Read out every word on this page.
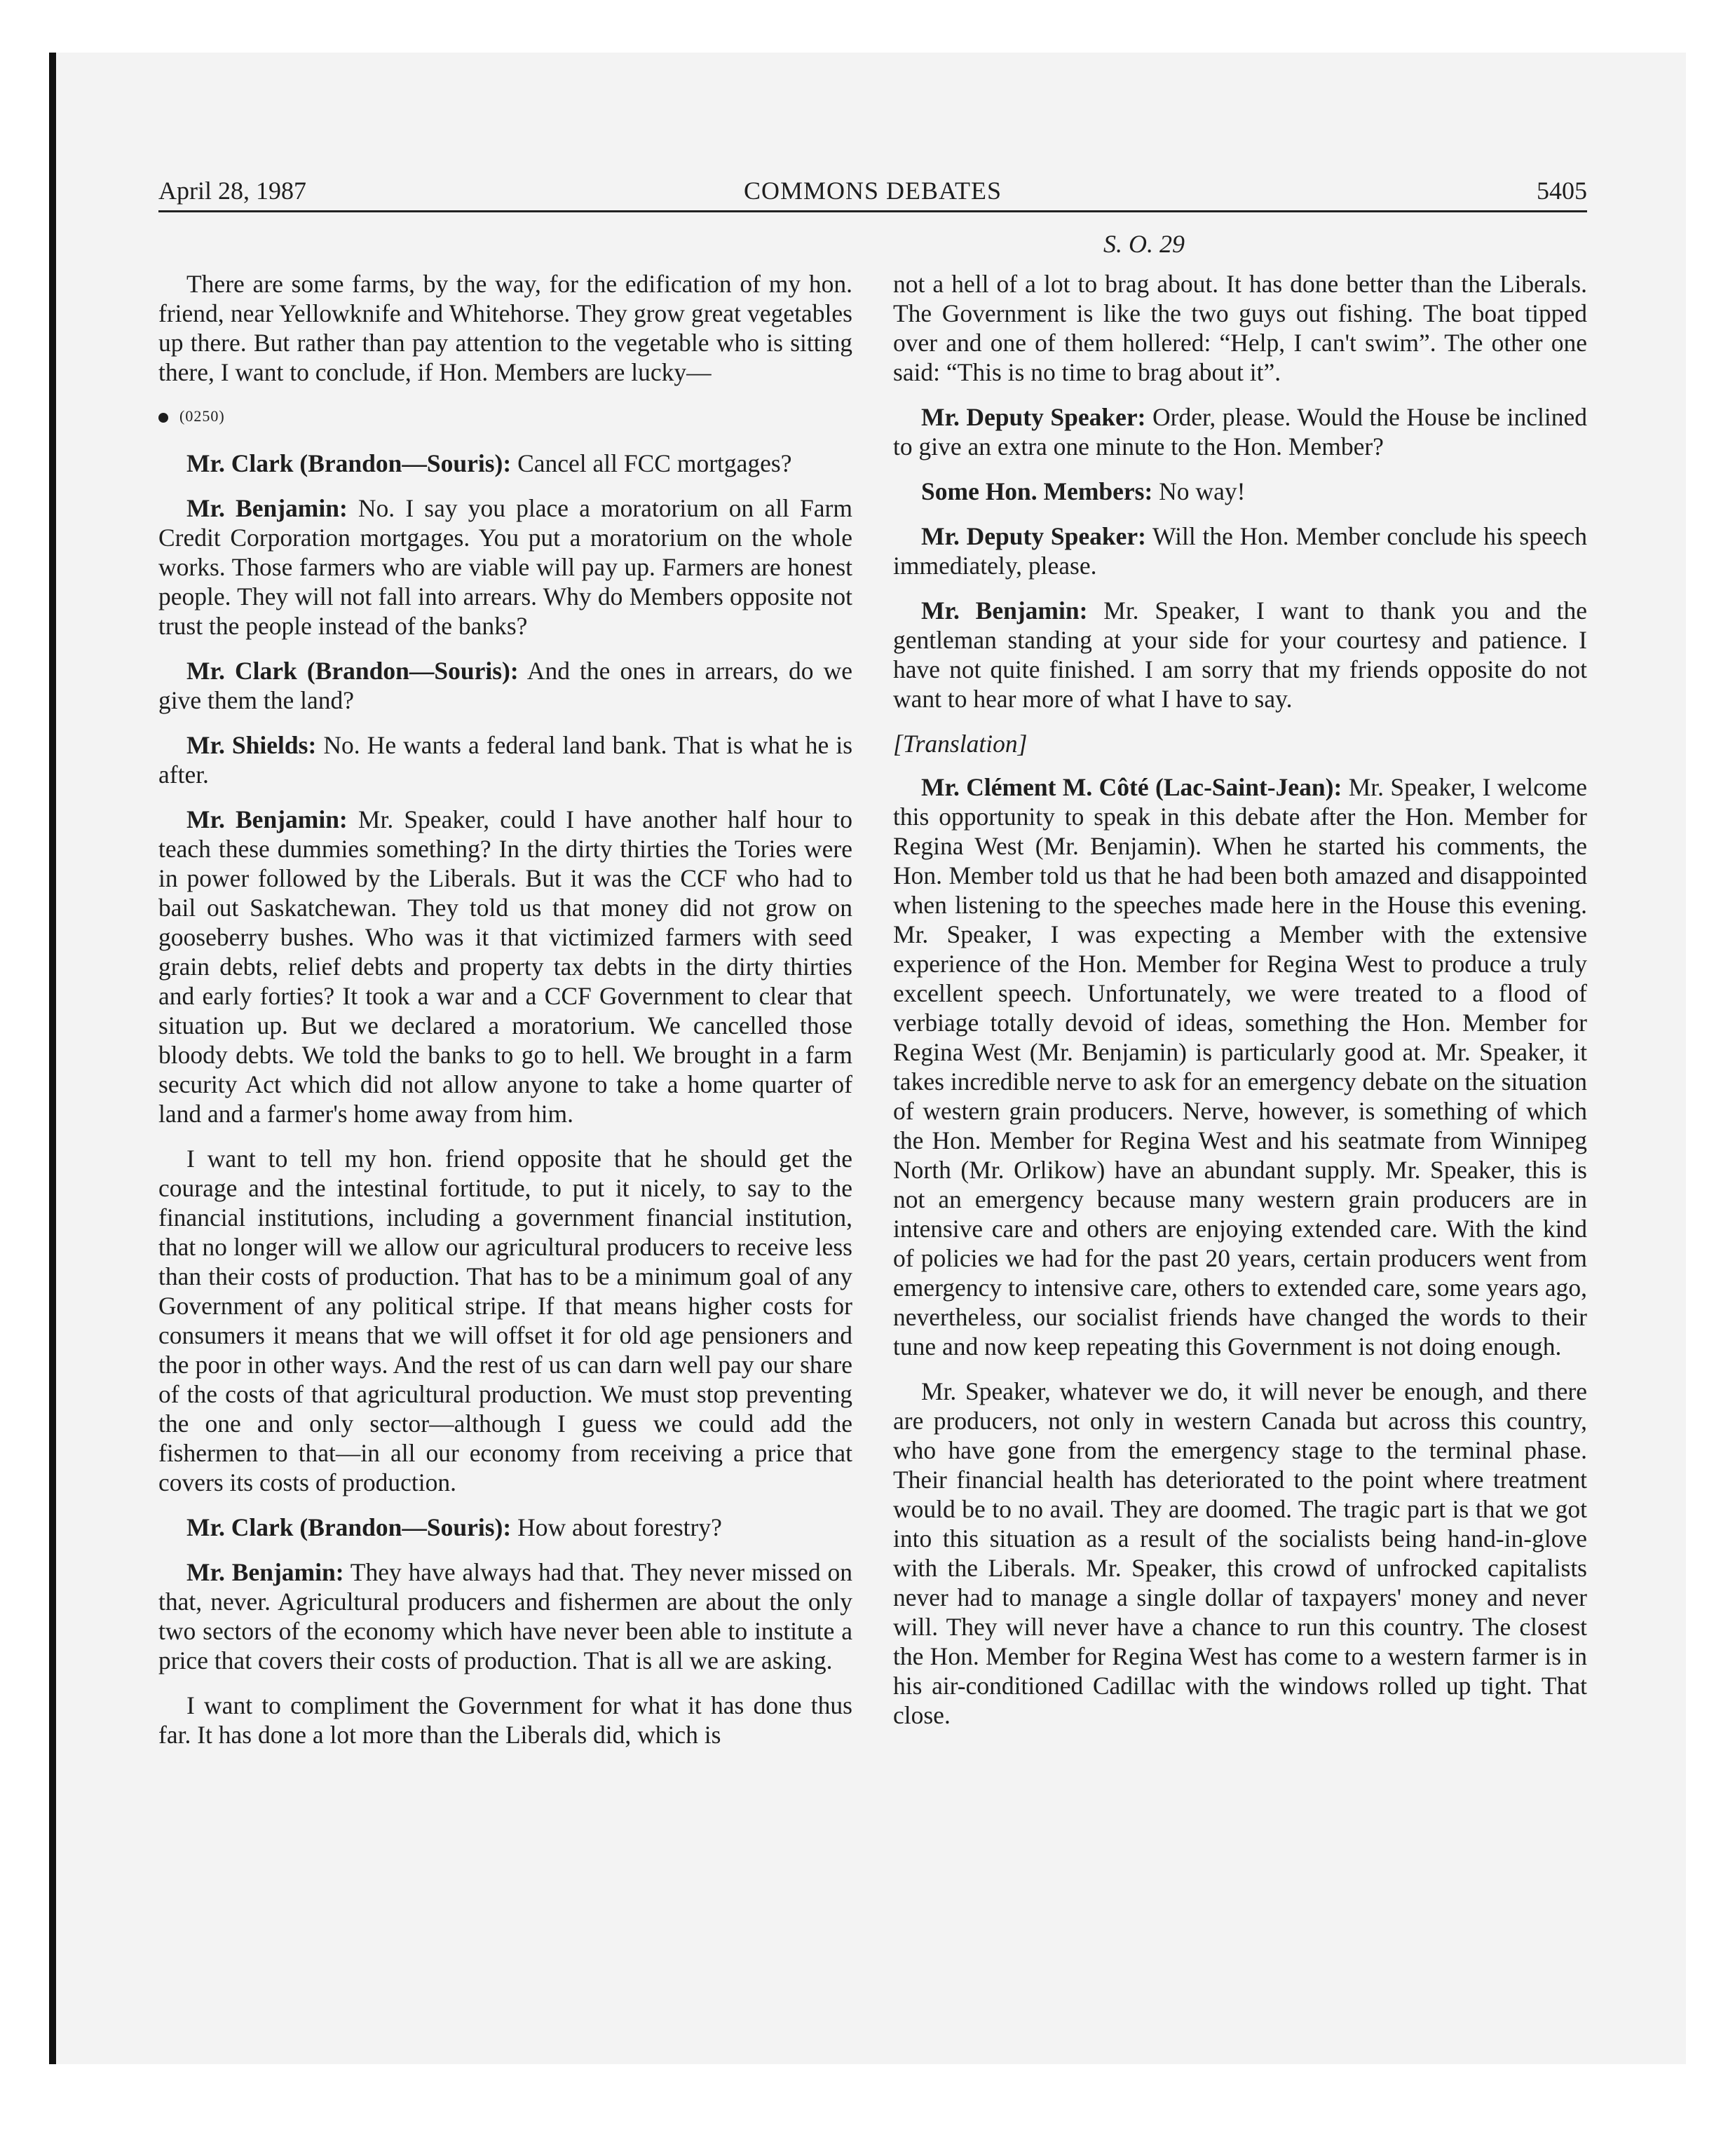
April 28, 1987	COMMONS DEBATES	5405
S. O. 29

There are some farms, by the way, for the edification of my hon. friend, near Yellowknife and Whitehorse. They grow great vegetables up there. But rather than pay attention to the vegetable who is sitting there, I want to conclude, if Hon. Members are lucky—

(0250)

Mr. Clark (Brandon—Souris): Cancel all FCC mortgages?

Mr. Benjamin: No. I say you place a moratorium on all Farm Credit Corporation mortgages. You put a moratorium on the whole works. Those farmers who are viable will pay up. Farmers are honest people. They will not fall into arrears. Why do Members opposite not trust the people instead of the banks?

Mr. Clark (Brandon—Souris): And the ones in arrears, do we give them the land?

Mr. Shields: No. He wants a federal land bank. That is what he is after.

Mr. Benjamin: Mr. Speaker, could I have another half hour to teach these dummies something? In the dirty thirties the Tories were in power followed by the Liberals. But it was the CCF who had to bail out Saskatchewan. They told us that money did not grow on gooseberry bushes. Who was it that victimized farmers with seed grain debts, relief debts and property tax debts in the dirty thirties and early forties? It took a war and a CCF Government to clear that situation up. But we declared a moratorium. We cancelled those bloody debts. We told the banks to go to hell. We brought in a farm security Act which did not allow anyone to take a home quarter of land and a farmer's home away from him.

I want to tell my hon. friend opposite that he should get the courage and the intestinal fortitude, to put it nicely, to say to the financial institutions, including a government financial institution, that no longer will we allow our agricultural producers to receive less than their costs of production. That has to be a minimum goal of any Government of any political stripe. If that means higher costs for consumers it means that we will offset it for old age pensioners and the poor in other ways. And the rest of us can darn well pay our share of the costs of that agricultural production. We must stop preventing the one and only sector—although I guess we could add the fishermen to that—in all our economy from receiving a price that covers its costs of production.

Mr. Clark (Brandon—Souris): How about forestry?

Mr. Benjamin: They have always had that. They never missed on that, never. Agricultural producers and fishermen are about the only two sectors of the economy which have never been able to institute a price that covers their costs of production. That is all we are asking.

I want to compliment the Government for what it has done thus far. It has done a lot more than the Liberals did, which is

not a hell of a lot to brag about. It has done better than the Liberals. The Government is like the two guys out fishing. The boat tipped over and one of them hollered: “Help, I can't swim”. The other one said: “This is no time to brag about it”.

Mr. Deputy Speaker: Order, please. Would the House be inclined to give an extra one minute to the Hon. Member?

Some Hon. Members: No way!

Mr. Deputy Speaker: Will the Hon. Member conclude his speech immediately, please.

Mr. Benjamin: Mr. Speaker, I want to thank you and the gentleman standing at your side for your courtesy and patience. I have not quite finished. I am sorry that my friends opposite do not want to hear more of what I have to say.

[Translation]

Mr. Clément M. Côté (Lac-Saint-Jean): Mr. Speaker, I welcome this opportunity to speak in this debate after the Hon. Member for Regina West (Mr. Benjamin). When he started his comments, the Hon. Member told us that he had been both amazed and disappointed when listening to the speeches made here in the House this evening. Mr. Speaker, I was expecting a Member with the extensive experience of the Hon. Member for Regina West to produce a truly excellent speech. Unfortunately, we were treated to a flood of verbiage totally devoid of ideas, something the Hon. Member for Regina West (Mr. Benjamin) is particularly good at. Mr. Speaker, it takes incredible nerve to ask for an emergency debate on the situation of western grain producers. Nerve, however, is something of which the Hon. Member for Regina West and his seatmate from Winnipeg North (Mr. Orlikow) have an abundant supply. Mr. Speaker, this is not an emergency because many western grain producers are in intensive care and others are enjoying extended care. With the kind of policies we had for the past 20 years, certain producers went from emergency to intensive care, others to extended care, some years ago, nevertheless, our socialist friends have changed the words to their tune and now keep repeating this Government is not doing enough.

Mr. Speaker, whatever we do, it will never be enough, and there are producers, not only in western Canada but across this country, who have gone from the emergency stage to the terminal phase. Their financial health has deteriorated to the point where treatment would be to no avail. They are doomed. The tragic part is that we got into this situation as a result of the socialists being hand-in-glove with the Liberals. Mr. Speaker, this crowd of unfrocked capitalists never had to manage a single dollar of taxpayers' money and never will. They will never have a chance to run this country. The closest the Hon. Member for Regina West has come to a western farmer is in his air-conditioned Cadillac with the windows rolled up tight. That close.
